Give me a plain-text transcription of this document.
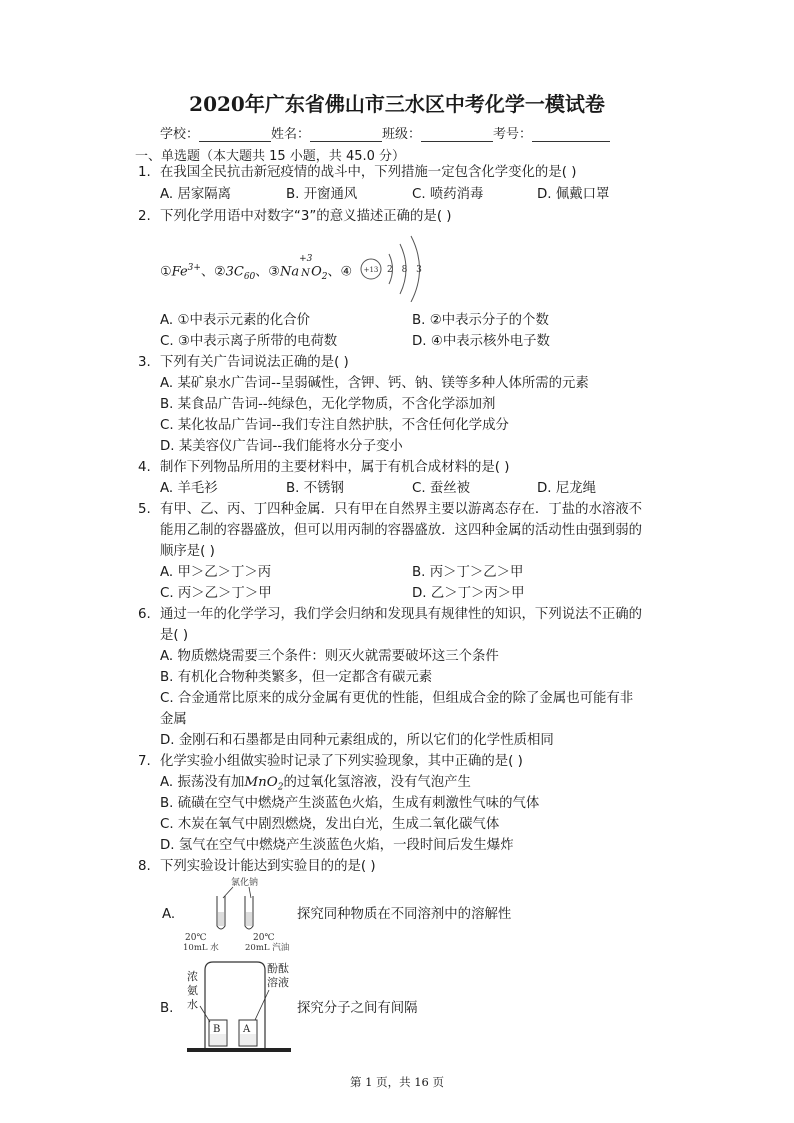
2020年广东省佛山市三水区中考化学一模试卷
学校：	姓名：	班级：	考号：
一、单选题（本大题共 15 小题，共 45.0 分）
1. 在我国全民抗击新冠疫情的战斗中，下列措施一定包含化学变化的是( )
A. 居家隔离	B. 开窗通风	C. 喷药消毒	D. 佩戴口罩
2. 下列化学用语中对数字“3”的意义描述正确的是( )
$①Fe^{3+}$、$②3C_{60}$、③Na
+3
N $O_2$、④ +13 2 8 3
A. ①中表示元素的化合价	B. ②中表示分子的个数
C. ③中表示离子所带的电荷数	D. ④中表示核外电子数
3. 下列有关广告词说法正确的是( )
A. 某矿泉水广告词--呈弱碱性，含钾、钙、钠、镁等多种人体所需的元素
B. 某食品广告词--纯绿色，无化学物质，不含化学添加剂
C. 某化妆品广告词--我们专注自然护肤，不含任何化学成分
D. 某美容仪广告词--我们能将水分子变小
4. 制作下列物品所用的主要材料中，属于有机合成材料的是( )
A. 羊毛衫	B. 不锈钢	C. 蚕丝被	D. 尼龙绳
5. 有甲、乙、丙、丁四种金属．只有甲在自然界主要以游离态存在．丁盐的水溶液不
能用乙制的容器盛放，但可以用丙制的容器盛放．这四种金属的活动性由强到弱的
顺序是( )
A. 甲＞乙＞丁＞丙	B. 丙＞丁＞乙＞甲
C. 丙＞乙＞丁＞甲	D. 乙＞丁＞丙＞甲
6. 通过一年的化学学习，我们学会归纳和发现具有规律性的知识，下列说法不正确的
是( )
A. 物质燃烧需要三个条件：则灭火就需要破坏这三个条件
B. 有机化合物种类繁多，但一定都含有碳元素
C. 合金通常比原来的成分金属有更优的性能，但组成合金的除了金属也可能有非
金属
D. 金刚石和石墨都是由同种元素组成的，所以它们的化学性质相同
7. 化学实验小组做实验时记录了下列实验现象，其中正确的是( )
A. 振荡没有加MnO$_2$的过氧化氢溶液，没有气泡产生
B. 硫磺在空气中燃烧产生淡蓝色火焰，生成有刺激性气味的气体
C. 木炭在氧气中剧烈燃烧，发出白光，生成二氧化碳气体
D. 氢气在空气中燃烧产生淡蓝色火焰，一段时间后发生爆炸
8. 下列实验设计能达到实验目的的是( )
A.
氯化钠
20℃
10mL 水
20℃
20mL 汽油
探究同种物质在不同溶剂中的溶解性
B.
浓
氨
水
酚酞
溶液
B A
探究分子之间有间隔
第 1 页，共 16 页
